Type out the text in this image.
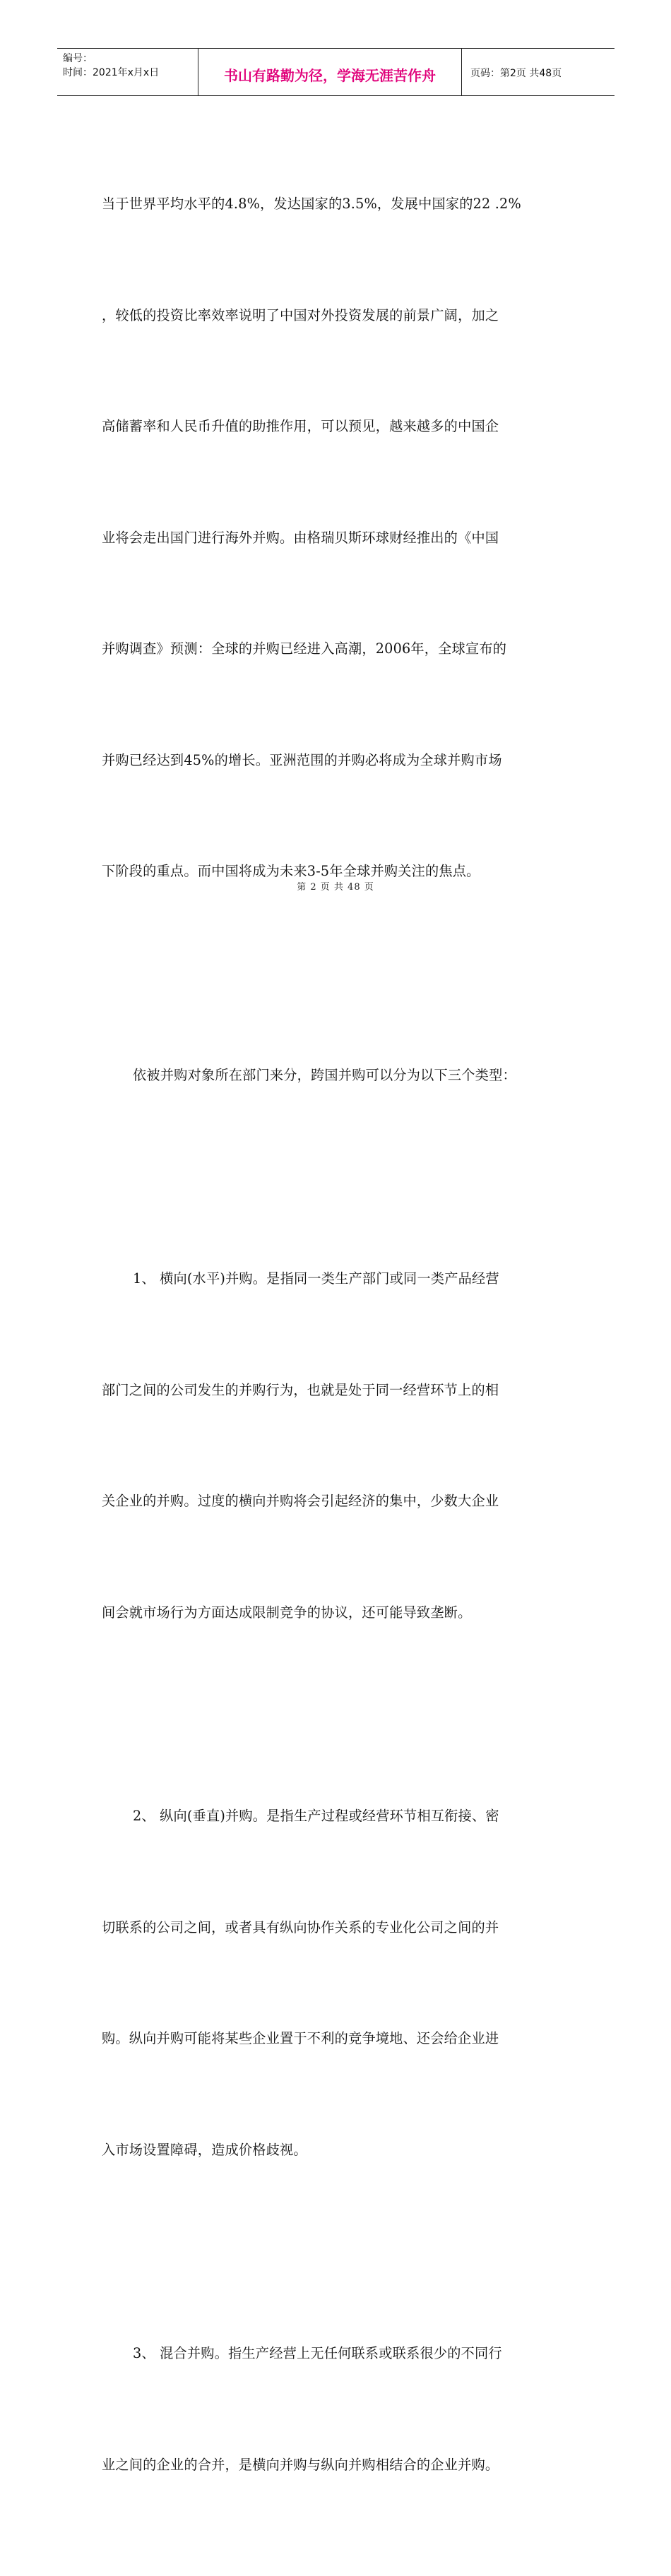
编号：
时间：2021年x月x日	书山有路勤为径，学海无涯苦作舟	页码：第2页 共48页

当于世界平均水平的4.8%，发达国家的3.5%，发展中国家的22 .2%

，较低的投资比率效率说明了中国对外投资发展的前景广阔，加之

高储蓄率和人民币升值的助推作用，可以预见，越来越多的中国企

业将会走出国门进行海外并购。由格瑞贝斯环球财经推出的《中国

并购调查》预测：全球的并购已经进入高潮，2006年，全球宣布的

并购已经达到45%的增长。亚洲范围的并购必将成为全球并购市场

下阶段的重点。而中国将成为未来3-5年全球并购关注的焦点。

依被并购对象所在部门来分，跨国并购可以分为以下三个类型：

1、 横向(水平)并购。是指同一类生产部门或同一类产品经营

部门之间的公司发生的并购行为，也就是处于同一经营环节上的相

关企业的并购。过度的横向并购将会引起经济的集中，少数大企业

间会就市场行为方面达成限制竞争的协议，还可能导致垄断。

2、 纵向(垂直)并购。是指生产过程或经营环节相互衔接、密

切联系的公司之间，或者具有纵向协作关系的专业化公司之间的并

购。纵向并购可能将某些企业置于不利的竞争境地、还会给企业进

入市场设置障碍，造成价格歧视。

3、 混合并购。指生产经营上无任何联系或联系很少的不同行

业之间的企业的合并，是横向并购与纵向并购相结合的企业并购。

第 2 页 共 48 页
